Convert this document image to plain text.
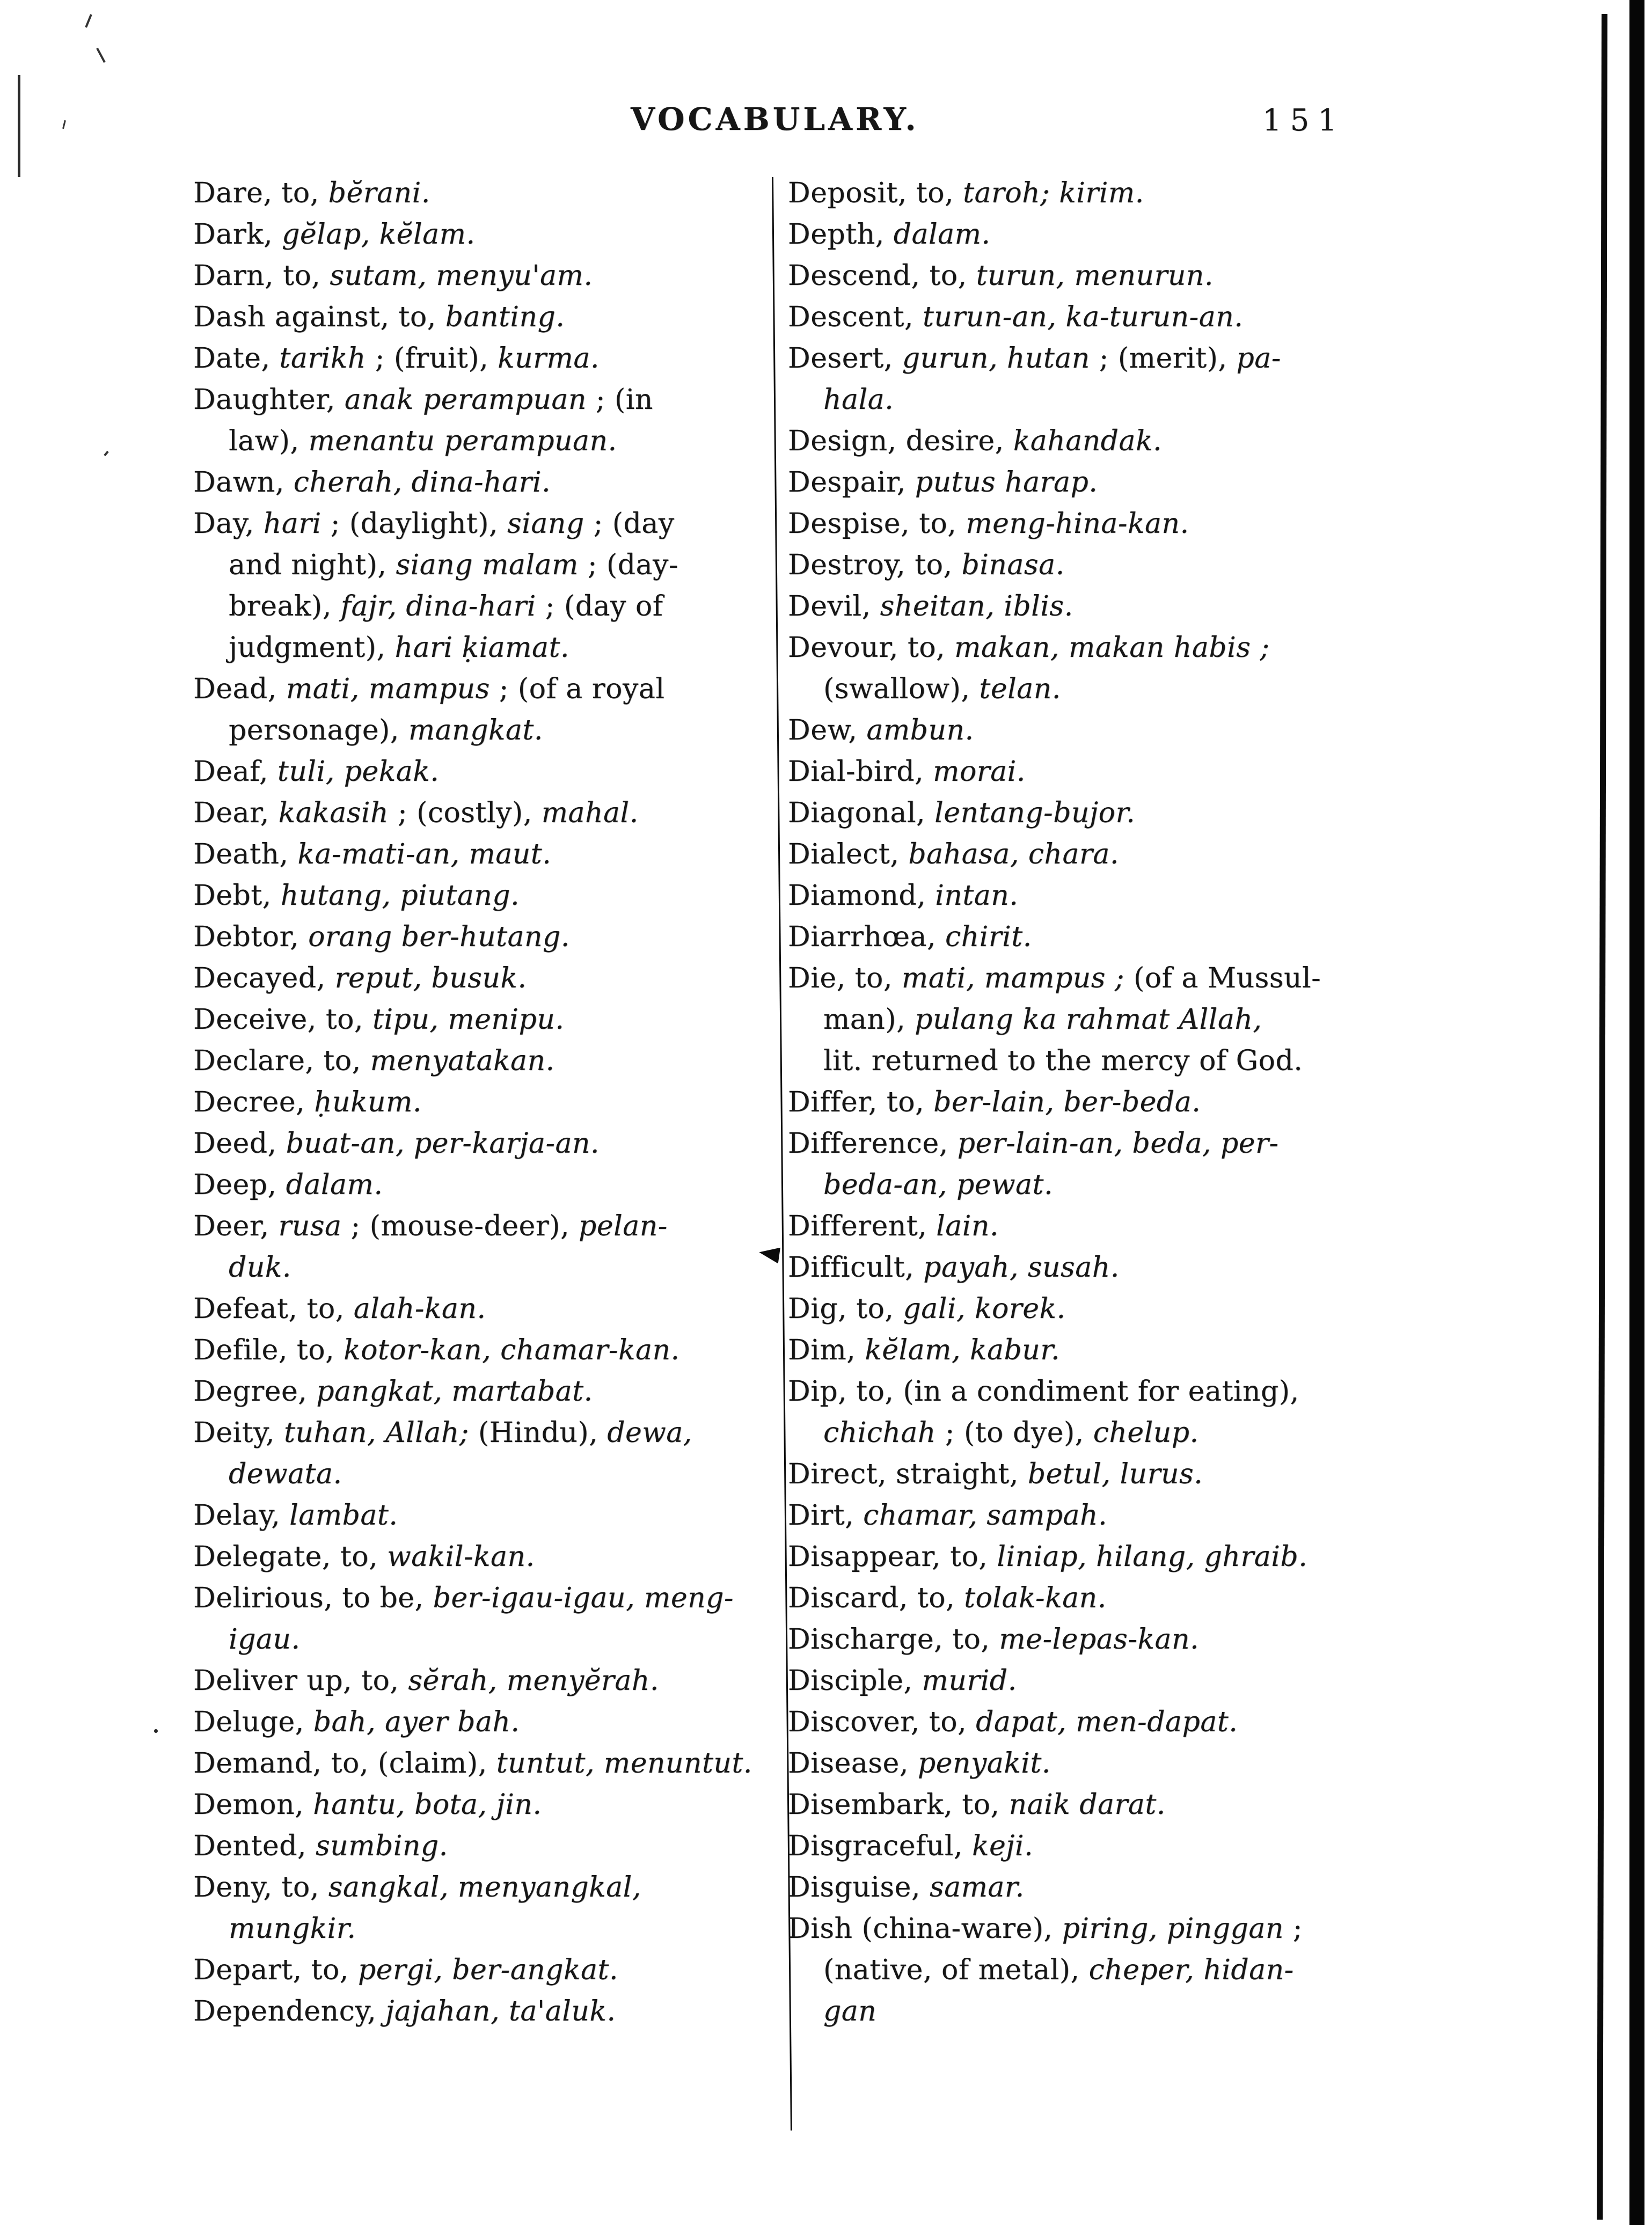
VOCABULARY.	151
Dare, to, bĕrani.
Dark, gĕlap, kĕlam.
Darn, to, sutam, menyu'am.
Dash against, to, banting.
Date, tarikh ; (fruit), kurma.
Daughter, anak perampuan ; (in
law), menantu perampuan.
Dawn, cherah, dina-hari.
Day, hari ; (daylight), siang ; (day
and night), siang malam ; (day-
break), fajr, dina-hari ; (day of
judgment), hari ḳiamat.
Dead, mati, mampus ; (of a royal
personage), mangkat.
Deaf, tuli, pekak.
Dear, kakasih ; (costly), mahal.
Death, ka-mati-an, maut.
Debt, hutang, piutang.
Debtor, orang ber-hutang.
Decayed, reput, busuk.
Deceive, to, tipu, menipu.
Declare, to, menyatakan.
Decree, ḥukum.
Deed, buat-an, per-karja-an.
Deep, dalam.
Deer, rusa ; (mouse-deer), pelan-
duk.
Defeat, to, alah-kan.
Defile, to, kotor-kan, chamar-kan.
Degree, pangkat, martabat.
Deity, tuhan, Allah; (Hindu), dewa,
dewata.
Delay, lambat.
Delegate, to, wakil-kan.
Delirious, to be, ber-igau-igau, meng-
igau.
Deliver up, to, sĕrah, menyĕrah.
Deluge, bah, ayer bah.
Demand, to, (claim), tuntut, menuntut.
Demon, hantu, bota, jin.
Dented, sumbing.
Deny, to, sangkal, menyangkal,
mungkir.
Depart, to, pergi, ber-angkat.
Dependency, jajahan, ta'aluk.
Deposit, to, taroh; kirim.
Depth, dalam.
Descend, to, turun, menurun.
Descent, turun-an, ka-turun-an.
Desert, gurun, hutan ; (merit), pa-
hala.
Design, desire, kahandak.
Despair, putus harap.
Despise, to, meng-hina-kan.
Destroy, to, binasa.
Devil, sheitan, iblis.
Devour, to, makan, makan habis ;
(swallow), telan.
Dew, ambun.
Dial-bird, morai.
Diagonal, lentang-bujor.
Dialect, bahasa, chara.
Diamond, intan.
Diarrhœa, chirit.
Die, to, mati, mampus ; (of a Mussul-
man), pulang ka rahmat Allah,
lit. returned to the mercy of God.
Differ, to, ber-lain, ber-beda.
Difference, per-lain-an, beda, per-
beda-an, pewat.
Different, lain.
Difficult, payah, susah.
Dig, to, gali, korek.
Dim, kĕlam, kabur.
Dip, to, (in a condiment for eating),
chichah ; (to dye), chelup.
Direct, straight, betul, lurus.
Dirt, chamar, sampah.
Disappear, to, liniap, hilang, ghraib.
Discard, to, tolak-kan.
Discharge, to, me-lepas-kan.
Disciple, murid.
Discover, to, dapat, men-dapat.
Disease, penyakit.
Disembark, to, naik darat.
Disgraceful, keji.
Disguise, samar.
Dish (china-ware), piring, pinggan ;
(native, of metal), cheper, hidan-
gan
